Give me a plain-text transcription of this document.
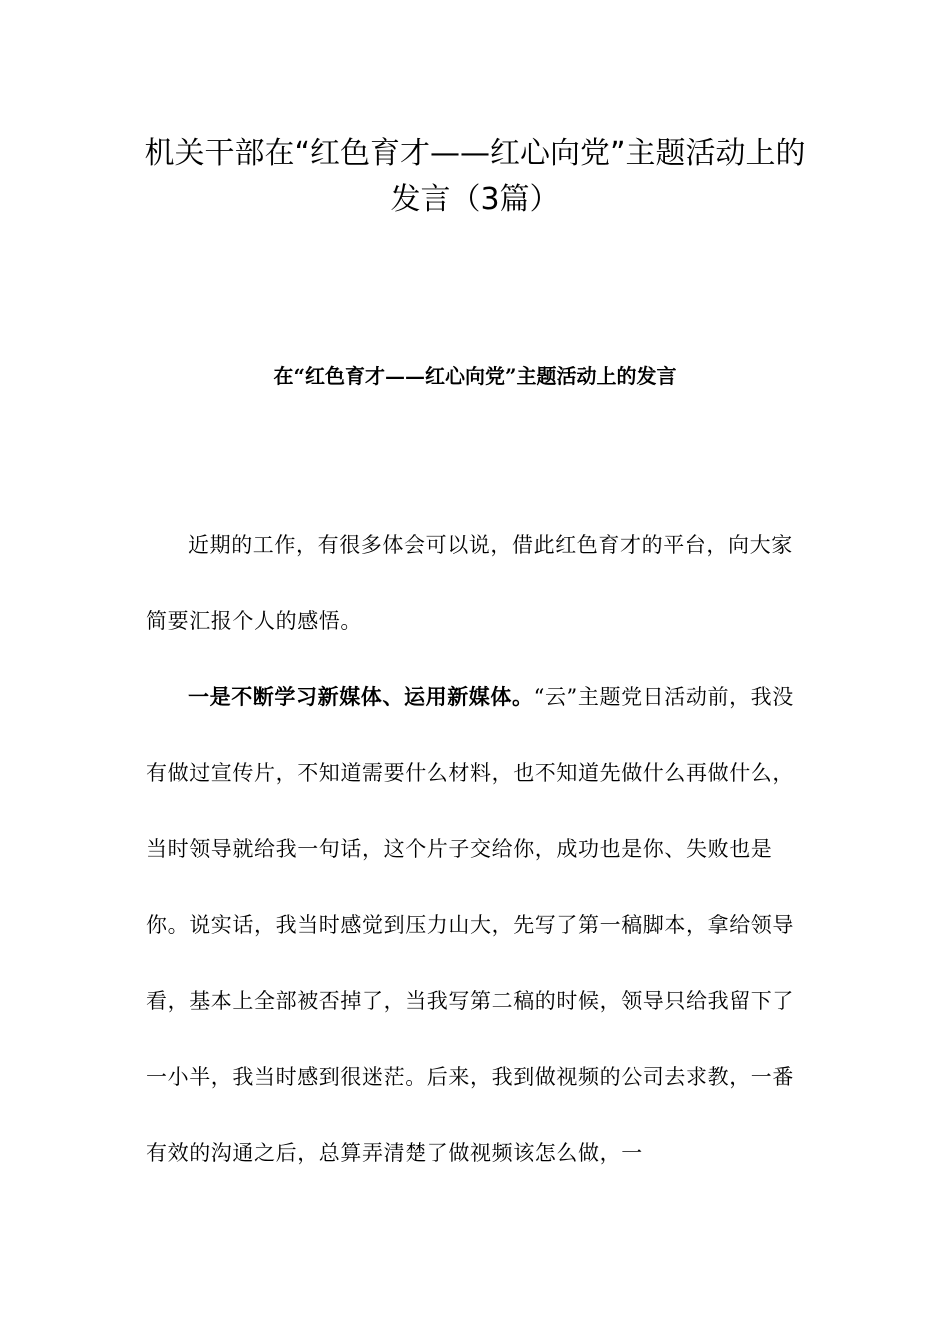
机关干部在“红色育才——红心向党”主题活动上的
发言（3篇）
在“红色育才——红心向党”主题活动上的发言

近期的工作，有很多体会可以说，借此红色育才的平台，向大家简要汇报个人的感悟。

一是不断学习新媒体、运用新媒体。“云”主题党日活动前，我没有做过宣传片，不知道需要什么材料，也不知道先做什么再做什么，当时领导就给我一句话，这个片子交给你，成功也是你、失败也是你。说实话，我当时感觉到压力山大，先写了第一稿脚本，拿给领导看，基本上全部被否掉了，当我写第二稿的时候，领导只给我留下了一小半，我当时感到很迷茫。后来，我到做视频的公司去求教，一番有效的沟通之后，总算弄清楚了做视频该怎么做，一
